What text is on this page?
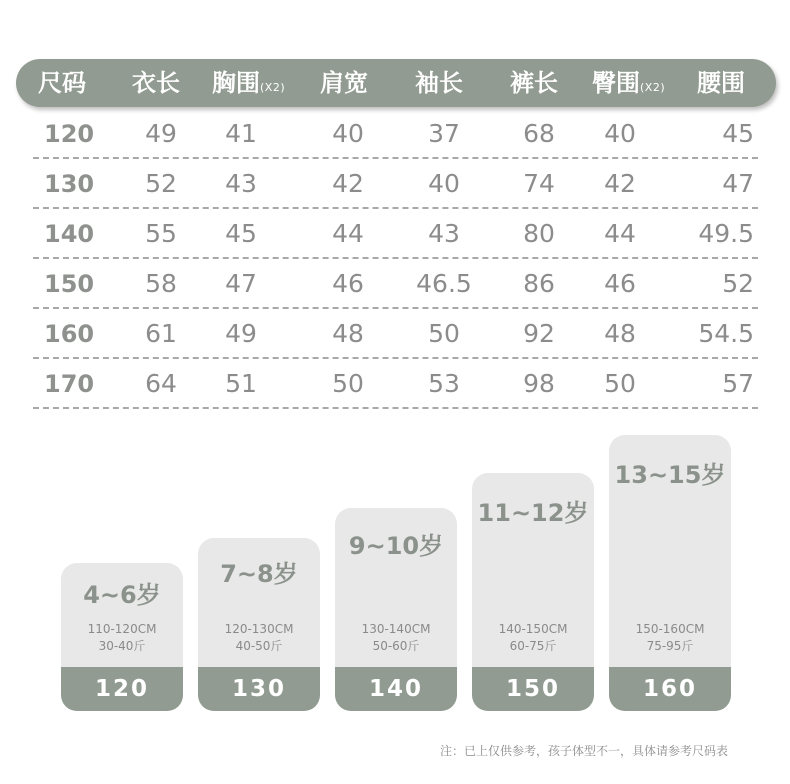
尺码 衣长 胸围(X2) 肩宽 袖长 裤长 臀围(X2) 腰围
120	49	41	40	37	68	40	45
130	52	43	42	40	74	42	47
140	55	45	44	43	80	44	49.5
150	58	47	46	46.5	86	46	52
160	61	49	48	50	92	48	54.5
170	64	51	50	53	98	50	57
4~6岁
110-120CM
30-40斤
120
7~8岁
120-130CM
40-50斤
130
9~10岁
130-140CM
50-60斤
140
11~12岁
140-150CM
60-75斤
150
13~15岁
150-160CM
75-95斤
160
注：已上仅供参考，孩子体型不一，具体请参考尺码表
